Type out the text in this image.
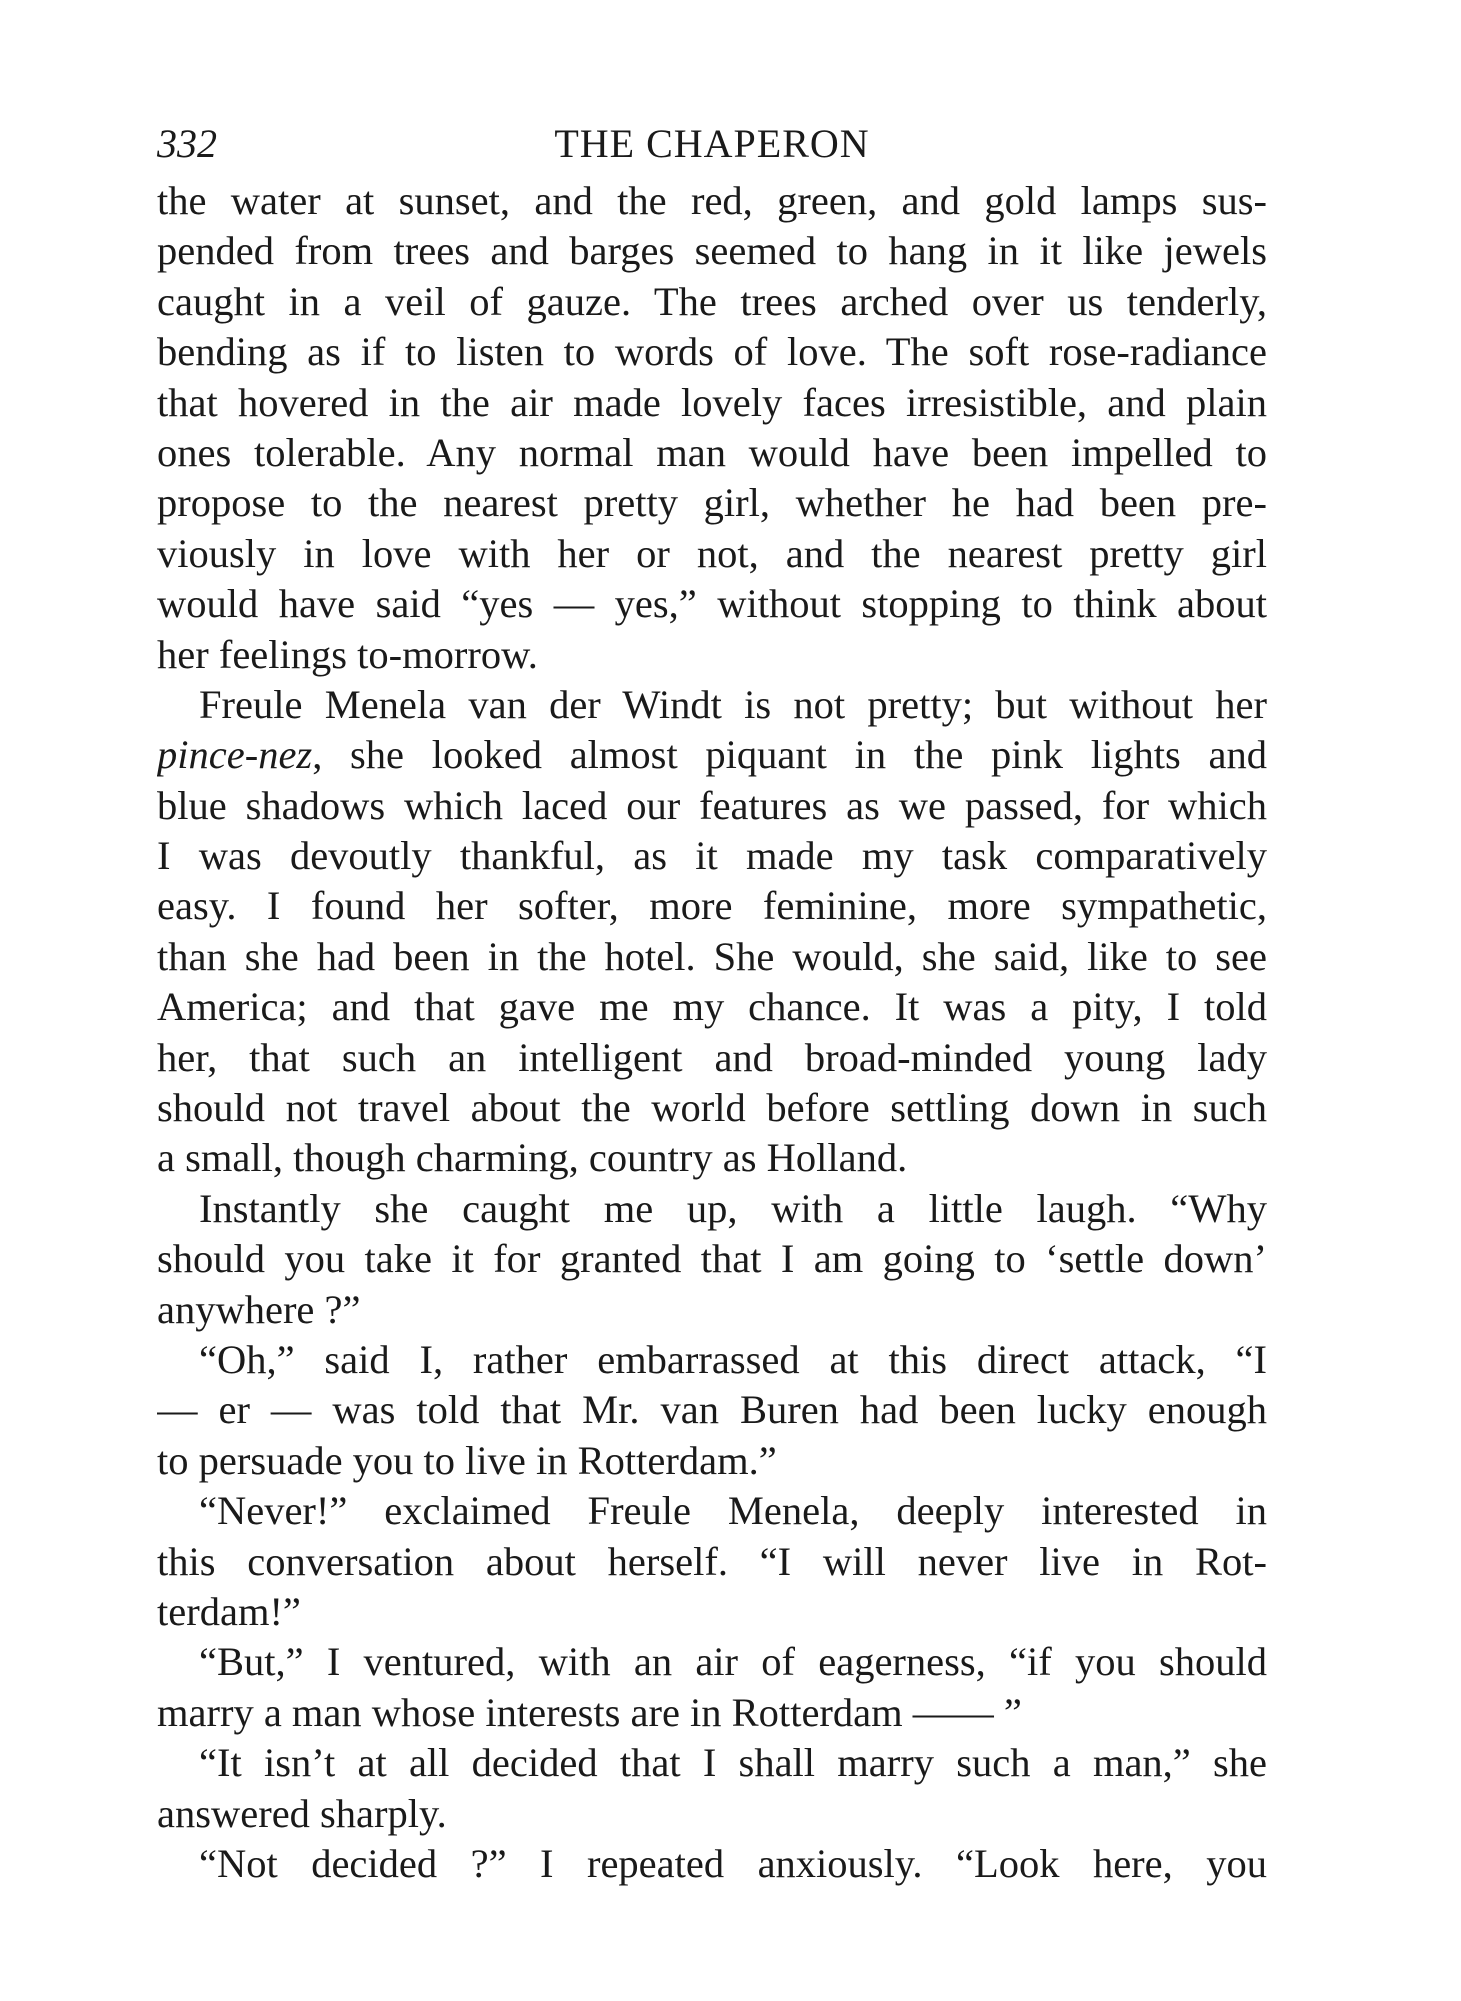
332	THE CHAPERON
the water at sunset, and the red, green, and gold lamps sus-
pended from trees and barges seemed to hang in it like jewels
caught in a veil of gauze. The trees arched over us tenderly,
bending as if to listen to words of love. The soft rose-radiance
that hovered in the air made lovely faces irresistible, and plain
ones tolerable. Any normal man would have been impelled to
propose to the nearest pretty girl, whether he had been pre-
viously in love with her or not, and the nearest pretty girl
would have said “yes — yes,” without stopping to think about
her feelings to-morrow.
Freule Menela van der Windt is not pretty; but without her
pince-nez, she looked almost piquant in the pink lights and
blue shadows which laced our features as we passed, for which
I was devoutly thankful, as it made my task comparatively
easy. I found her softer, more feminine, more sympathetic,
than she had been in the hotel. She would, she said, like to see
America; and that gave me my chance. It was a pity, I told
her, that such an intelligent and broad-minded young lady
should not travel about the world before settling down in such
a small, though charming, country as Holland.
Instantly she caught me up, with a little laugh. “Why
should you take it for granted that I am going to ‘settle down’
anywhere ?”
“Oh,” said I, rather embarrassed at this direct attack, “I
— er — was told that Mr. van Buren had been lucky enough
to persuade you to live in Rotterdam.”
“Never!” exclaimed Freule Menela, deeply interested in
this conversation about herself. “I will never live in Rot-
terdam!”
“But,” I ventured, with an air of eagerness, “if you should
marry a man whose interests are in Rotterdam —— ”
“It isn’t at all decided that I shall marry such a man,” she
answered sharply.
“Not decided ?” I repeated anxiously. “Look here, you
